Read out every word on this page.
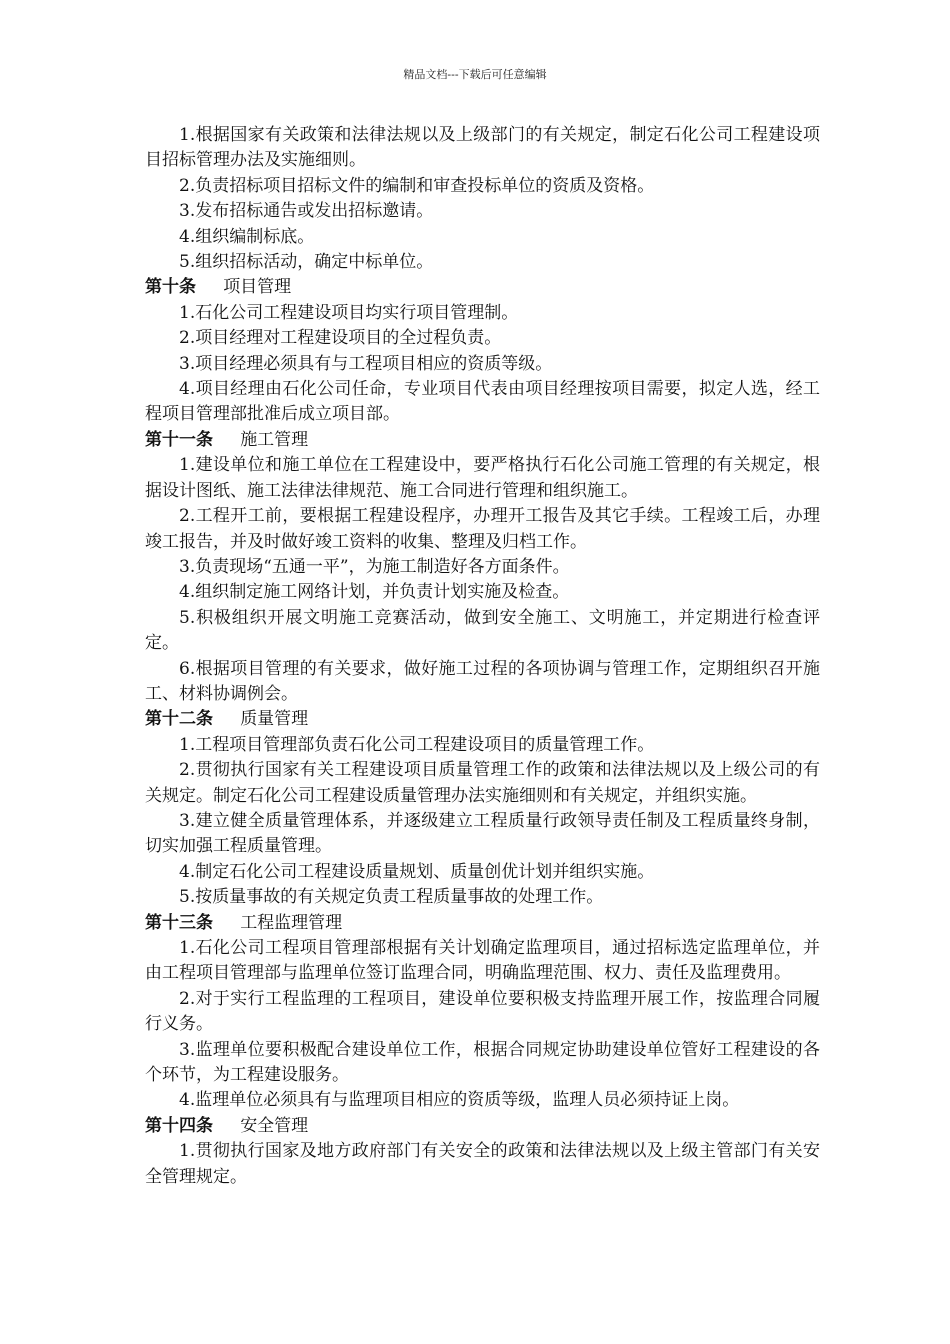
精品文档---下载后可任意编辑

1.根据国家有关政策和法律法规以及上级部门的有关规定，制定石化公司工程建设项目招标管理办法及实施细则。

2.负责招标项目招标文件的编制和审查投标单位的资质及资格。

3.发布招标通告或发出招标邀请。

4.组织编制标底。

5.组织招标活动，确定中标单位。

第十条 项目管理

1.石化公司工程建设项目均实行项目管理制。

2.项目经理对工程建设项目的全过程负责。

3.项目经理必须具有与工程项目相应的资质等级。

4.项目经理由石化公司任命，专业项目代表由项目经理按项目需要，拟定人选，经工程项目管理部批准后成立项目部。

第十一条 施工管理

1.建设单位和施工单位在工程建设中，要严格执行石化公司施工管理的有关规定，根据设计图纸、施工法律法律规范、施工合同进行管理和组织施工。

2.工程开工前，要根据工程建设程序，办理开工报告及其它手续。工程竣工后，办理竣工报告，并及时做好竣工资料的收集、整理及归档工作。

3.负责现场“五通一平”，为施工制造好各方面条件。

4.组织制定施工网络计划，并负责计划实施及检查。

5.积极组织开展文明施工竞赛活动，做到安全施工、文明施工，并定期进行检查评定。

6.根据项目管理的有关要求，做好施工过程的各项协调与管理工作，定期组织召开施工、材料协调例会。

第十二条 质量管理

1.工程项目管理部负责石化公司工程建设项目的质量管理工作。

2.贯彻执行国家有关工程建设项目质量管理工作的政策和法律法规以及上级公司的有关规定。制定石化公司工程建设质量管理办法实施细则和有关规定，并组织实施。

3.建立健全质量管理体系，并逐级建立工程质量行政领导责任制及工程质量终身制，切实加强工程质量管理。

4.制定石化公司工程建设质量规划、质量创优计划并组织实施。

5.按质量事故的有关规定负责工程质量事故的处理工作。

第十三条 工程监理管理

1.石化公司工程项目管理部根据有关计划确定监理项目，通过招标选定监理单位，并由工程项目管理部与监理单位签订监理合同，明确监理范围、权力、责任及监理费用。

2.对于实行工程监理的工程项目，建设单位要积极支持监理开展工作，按监理合同履行义务。

3.监理单位要积极配合建设单位工作，根据合同规定协助建设单位管好工程建设的各个环节，为工程建设服务。

4.监理单位必须具有与监理项目相应的资质等级，监理人员必须持证上岗。

第十四条 安全管理

1.贯彻执行国家及地方政府部门有关安全的政策和法律法规以及上级主管部门有关安全管理规定。
